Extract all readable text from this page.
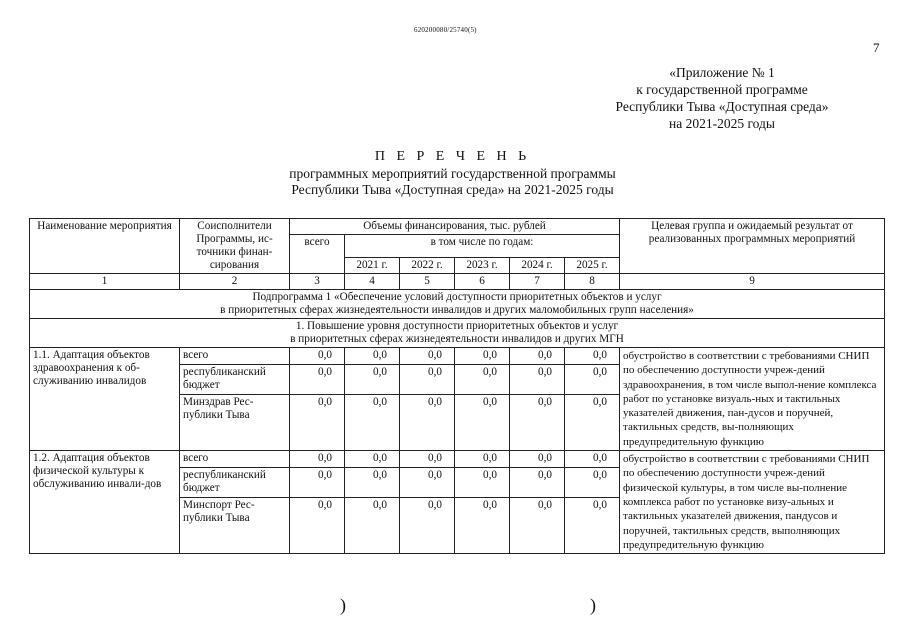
620200080/25740(5)
7
«Приложение № 1
к государственной программе
Республики Тыва «Доступная среда»
на 2021-2025 годы
П Е Р Е Ч Е Н Ь
программных мероприятий государственной программы
Республики Тыва «Доступная среда» на 2021-2025 годы
Наименование мероприятия	Соисполнители Программы, ис-точники финан-сирования	Объемы финансирования, тыс. рублей						Целевая группа и ожидаемый результат от реализованных программных мероприятий
		всего	в том числе по годам:					
			2021 г.	2022 г.	2023 г.	2024 г.	2025 г.	
1	2	3	4	5	6	7	8	9

Подпрограмма 1 «Обеспечение условий доступности приоритетных объектов и услуг
в приоритетных сферах жизнедеятельности инвалидов и других маломобильных групп населения»								

1. Повышение уровня доступности приоритетных объектов и услуг
в приоритетных сферах жизнедеятельности инвалидов и других МГН								

1.1. Адаптация объектов здравоохранения к об-служиванию инвалидов	всего	0,0	0,0	0,0	0,0	0,0	0,0	обустройство в соответствии с требованиями СНИП по обеспечению доступности учреж-дений здравоохранения, в том числе выпол-нение комплекса работ по установке визуаль-ных и тактильных указателей движения, пан-дусов и поручней, тактильных средств, вы-полняющих предупредительную функцию
	республиканский бюджет	0,0	0,0	0,0	0,0	0,0	0,0	
	Минздрав Рес-публики Тыва	0,0	0,0	0,0	0,0	0,0	0,0	
1.2. Адаптация объектов физической культуры к обслуживанию инвали-дов	всего	0,0	0,0	0,0	0,0	0,0	0,0	обустройство в соответствии с требованиями СНИП по обеспечению доступности учреж-дений физической культуры, в том числе вы-полнение комплекса работ по установке визу-альных и тактильных указателей движения, пандусов и поручней, тактильных средств, выполняющих предупредительную функцию
	республиканский бюджет	0,0	0,0	0,0	0,0	0,0	0,0	
	Минспорт Рес-публики Тыва	0,0	0,0	0,0	0,0	0,0	0,0	
)	)
